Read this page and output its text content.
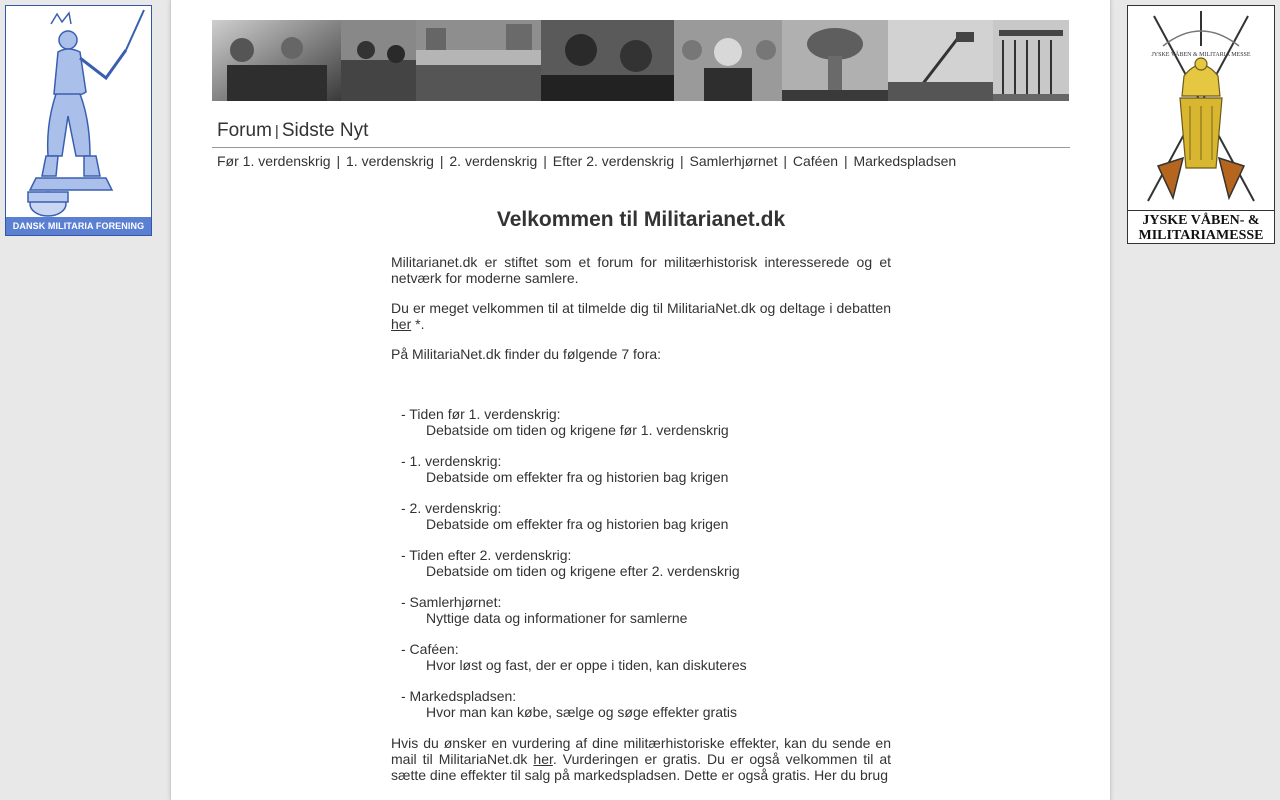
DANSK MILITARIA FORENING
JYSKE VÅBEN & MILITARIA MESSE
JYSKE VÅBEN- &
MILITARIAMESSE
Forum | Sidste Nyt
Før 1. verdenskrig | 1. verdenskrig | 2. verdenskrig | Efter 2. verdenskrig | Samlerhjørnet | Caféen | Markedspladsen
Velkommen til Militarianet.dk

Militarianet.dk er stiftet som et forum for militærhistorisk interesserede og et netværk for moderne samlere.

Du er meget velkommen til at tilmelde dig til MilitariaNet.dk og deltage i debatten her *.

På MilitariaNet.dk finder du følgende 7 fora:

- Tiden før 1. verdenskrig:
Debatside om tiden og krigene før 1. verdenskrig
- 1. verdenskrig:
Debatside om effekter fra og historien bag krigen
- 2. verdenskrig:
Debatside om effekter fra og historien bag krigen
- Tiden efter 2. verdenskrig:
Debatside om tiden og krigene efter 2. verdenskrig
- Samlerhjørnet:
Nyttige data og informationer for samlerne
- Caféen:
Hvor løst og fast, der er oppe i tiden, kan diskuteres
- Markedspladsen:
Hvor man kan købe, sælge og søge effekter gratis

Hvis du ønsker en vurdering af dine militærhistoriske effekter, kan du sende en mail til MilitariaNet.dk her. Vurderingen er gratis. Du er også velkommen til at sætte dine effekter til salg på markedspladsen. Dette er også gratis. Her du brug
